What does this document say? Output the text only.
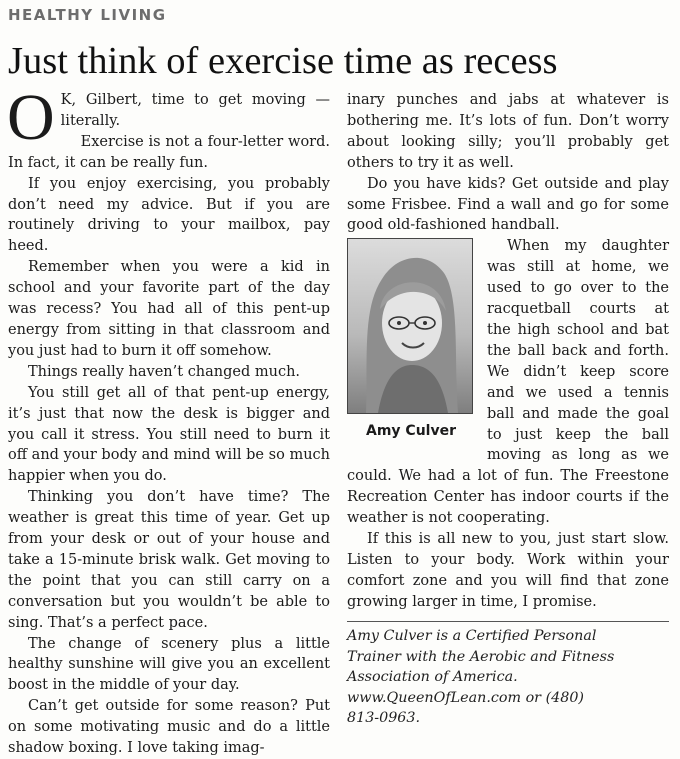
HEALTHY LIVING
Just think of exercise time as recess
O K, Gilbert, time to get moving — literally.

Exercise is not a four-letter word. In fact, it can be really fun.

If you enjoy exercising, you probably don’t need my advice. But if you are routinely driving to your mailbox, pay heed.

Remember when you were a kid in school and your favorite part of the day was recess? You had all of this pent-up energy from sitting in that classroom and you just had to burn it off somehow.

Things really haven’t changed much.

You still get all of that pent-up energy, it’s just that now the desk is bigger and you call it stress. You still need to burn it off and your body and mind will be so much happier when you do.

Thinking you don’t have time? The weather is great this time of year. Get up from your desk or out of your house and take a 15-minute brisk walk. Get moving to the point that you can still carry on a conversation but you wouldn’t be able to sing. That’s a perfect pace.

The change of scenery plus a little healthy sunshine will give you an excellent boost in the middle of your day.

Can’t get outside for some reason? Put on some motivating music and do a little shadow boxing. I love taking imag-

inary punches and jabs at whatever is bothering me. It’s lots of fun. Don’t worry about looking silly; you’ll probably get others to try it as well.

Do you have kids? Get outside and play some Frisbee. Find a wall and go for some good old-fashioned handball.

Amy Culver

When my daughter was still at home, we used to go over to the racquetball courts at the high school and bat the ball back and forth. We didn’t keep score and we used a tennis ball and made the goal to just keep the ball moving as long as we could. We had a lot of fun. The Freestone Recreation Center has indoor courts if the weather is not cooperating.

If this is all new to you, just start slow. Listen to your body. Work within your comfort zone and you will find that zone growing larger in time, I promise.

Amy Culver is a Certified Personal
Trainer with the Aerobic and Fitness
Association of America.
www.QueenOfLean.com or (480)
813-0963.
